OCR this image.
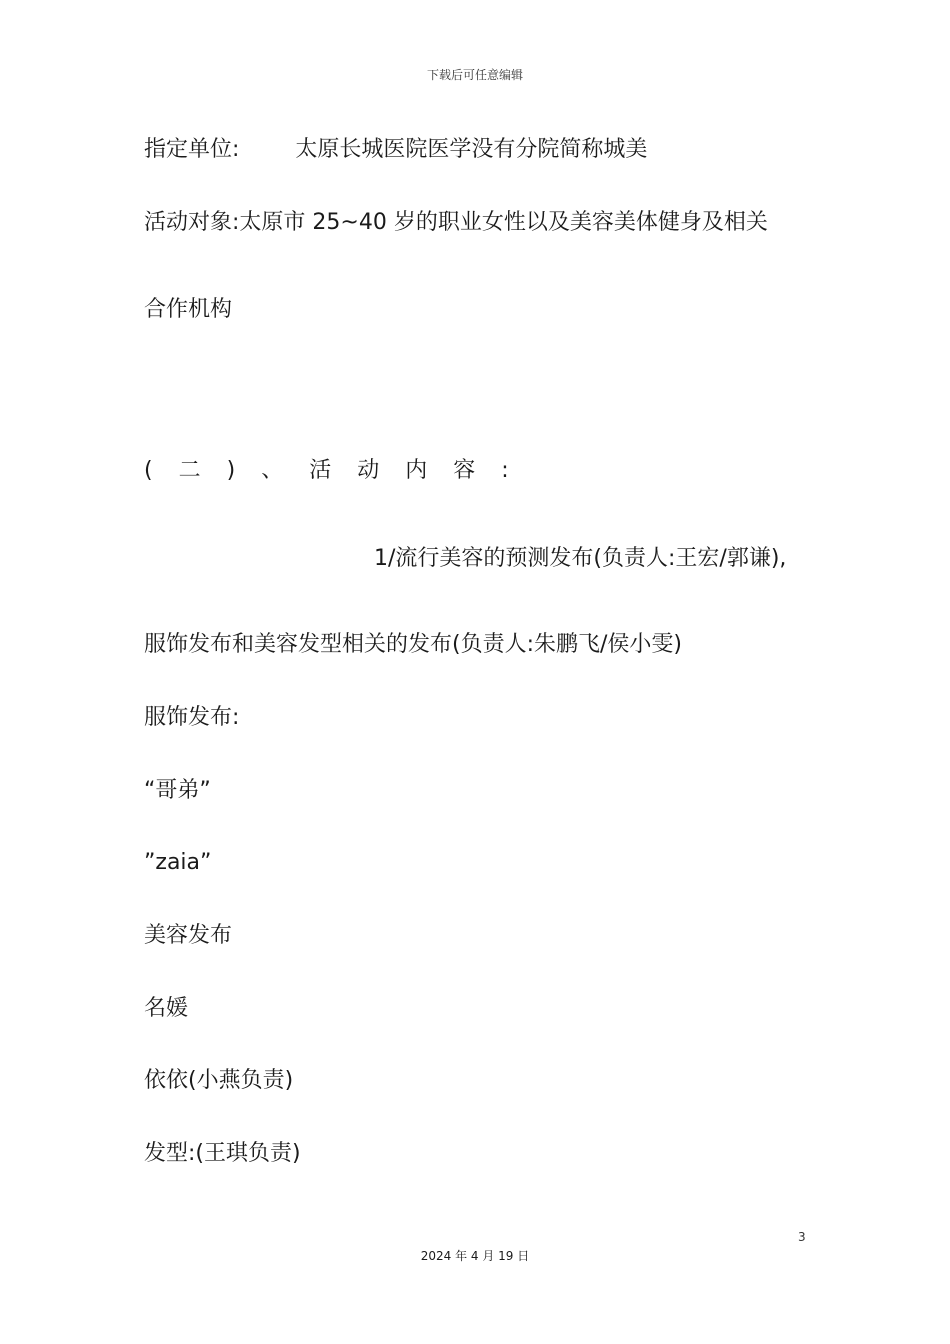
下载后可任意编辑
指定单位:	太原长城医院医学没有分院简称城美
活动对象:太原市 25~40 岁的职业女性以及美容美体健身及相关
合作机构
( 二 ) 、 活 动 内 容 :
1/流行美容的预测发布(负责人:王宏/郭谦),
服饰发布和美容发型相关的发布(负责人:朱鹏飞/侯小雯)
服饰发布:
“哥弟”
”zaia”
美容发布
名媛
依依(小燕负责)
发型:(王琪负责)
3
2024 年 4 月 19 日
